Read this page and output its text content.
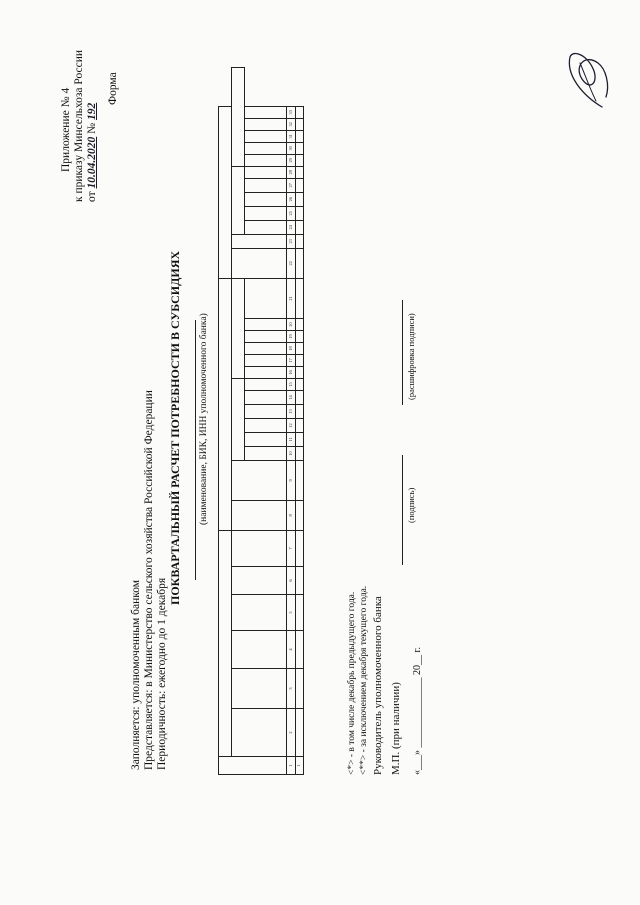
Приложение № 4 к приказу Минсельхоза России от 10.04.2020 № 192
Форма
Заполняется: уполномоченным банком Представляется: в Министерство сельского хозяйства Российской Федерации Периодичность: ежегодно до 1 декабря
ПОКВАРТАЛЬНЫЙ РАСЧЕТ ПОТРЕБНОСТИ В СУБСИДИЯХ (наименование, БИК, ИНН уполномоченного банка)

1	2	3	4	5	6	7	8	9	10	11	12	13	14	15	16	17	18	19	20	21	22	23	24	25	26	27	28	29	30	31	32	33
1																																	<*> - в том числе декабрь предыдущего года. <**> - за исключением декабря текущего года. Руководитель уполномоченного банка М.П. (при наличии)
(подпись)
(расшифровка подписи)
«___» ______________ 20__ г.
